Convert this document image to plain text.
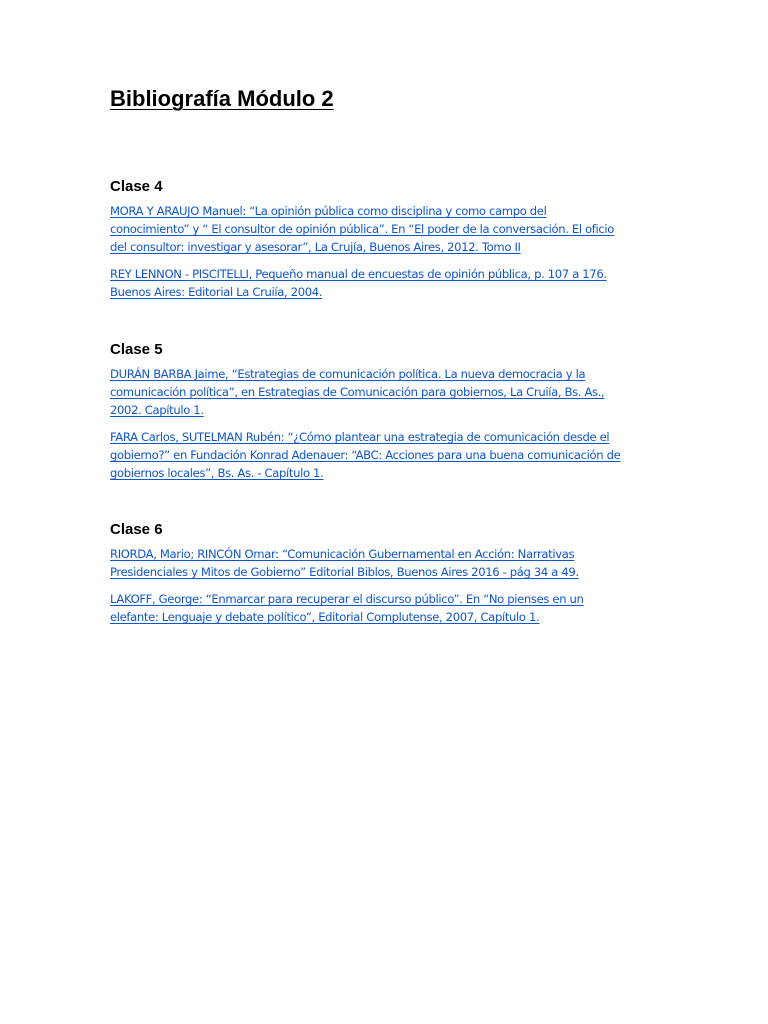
Bibliografía Módulo 2
Clase 4
MORA Y ARAUJO Manuel: “La opinión pública como disciplina y como campo del
conocimiento” y “ El consultor de opinión pública”. En “El poder de la conversación. El oficio
del consultor: investigar y asesorar”, La Crujía, Buenos Aires, 2012. Tomo II
REY LENNON - PISCITELLI, Pequeño manual de encuestas de opinión pública, p. 107 a 176.
Buenos Aires: Editorial La Cruiía, 2004.
Clase 5
DURÁN BARBA Jaime, “Estrategias de comunicación política. La nueva democracia y la
comunicación política”, en Estrategias de Comunicación para gobiernos, La Cruiía, Bs. As.,
2002. Capítulo 1.
FARA Carlos, SUTELMAN Rubén: “¿Cómo plantear una estrategia de comunicación desde el
gobierno?” en Fundación Konrad Adenauer: “ABC: Acciones para una buena comunicación de
gobiernos locales”, Bs. As. - Capítulo 1.
Clase 6
RIORDA, Mario; RINCÓN Omar: “Comunicación Gubernamental en Acción: Narrativas
Presidenciales y Mitos de Gobierno” Editorial Biblos, Buenos Aires 2016 - pág 34 a 49.
LAKOFF, George: “Enmarcar para recuperar el discurso público”. En “No pienses en un
elefante: Lenguaje y debate político”, Editorial Complutense, 2007, Capítulo 1.
